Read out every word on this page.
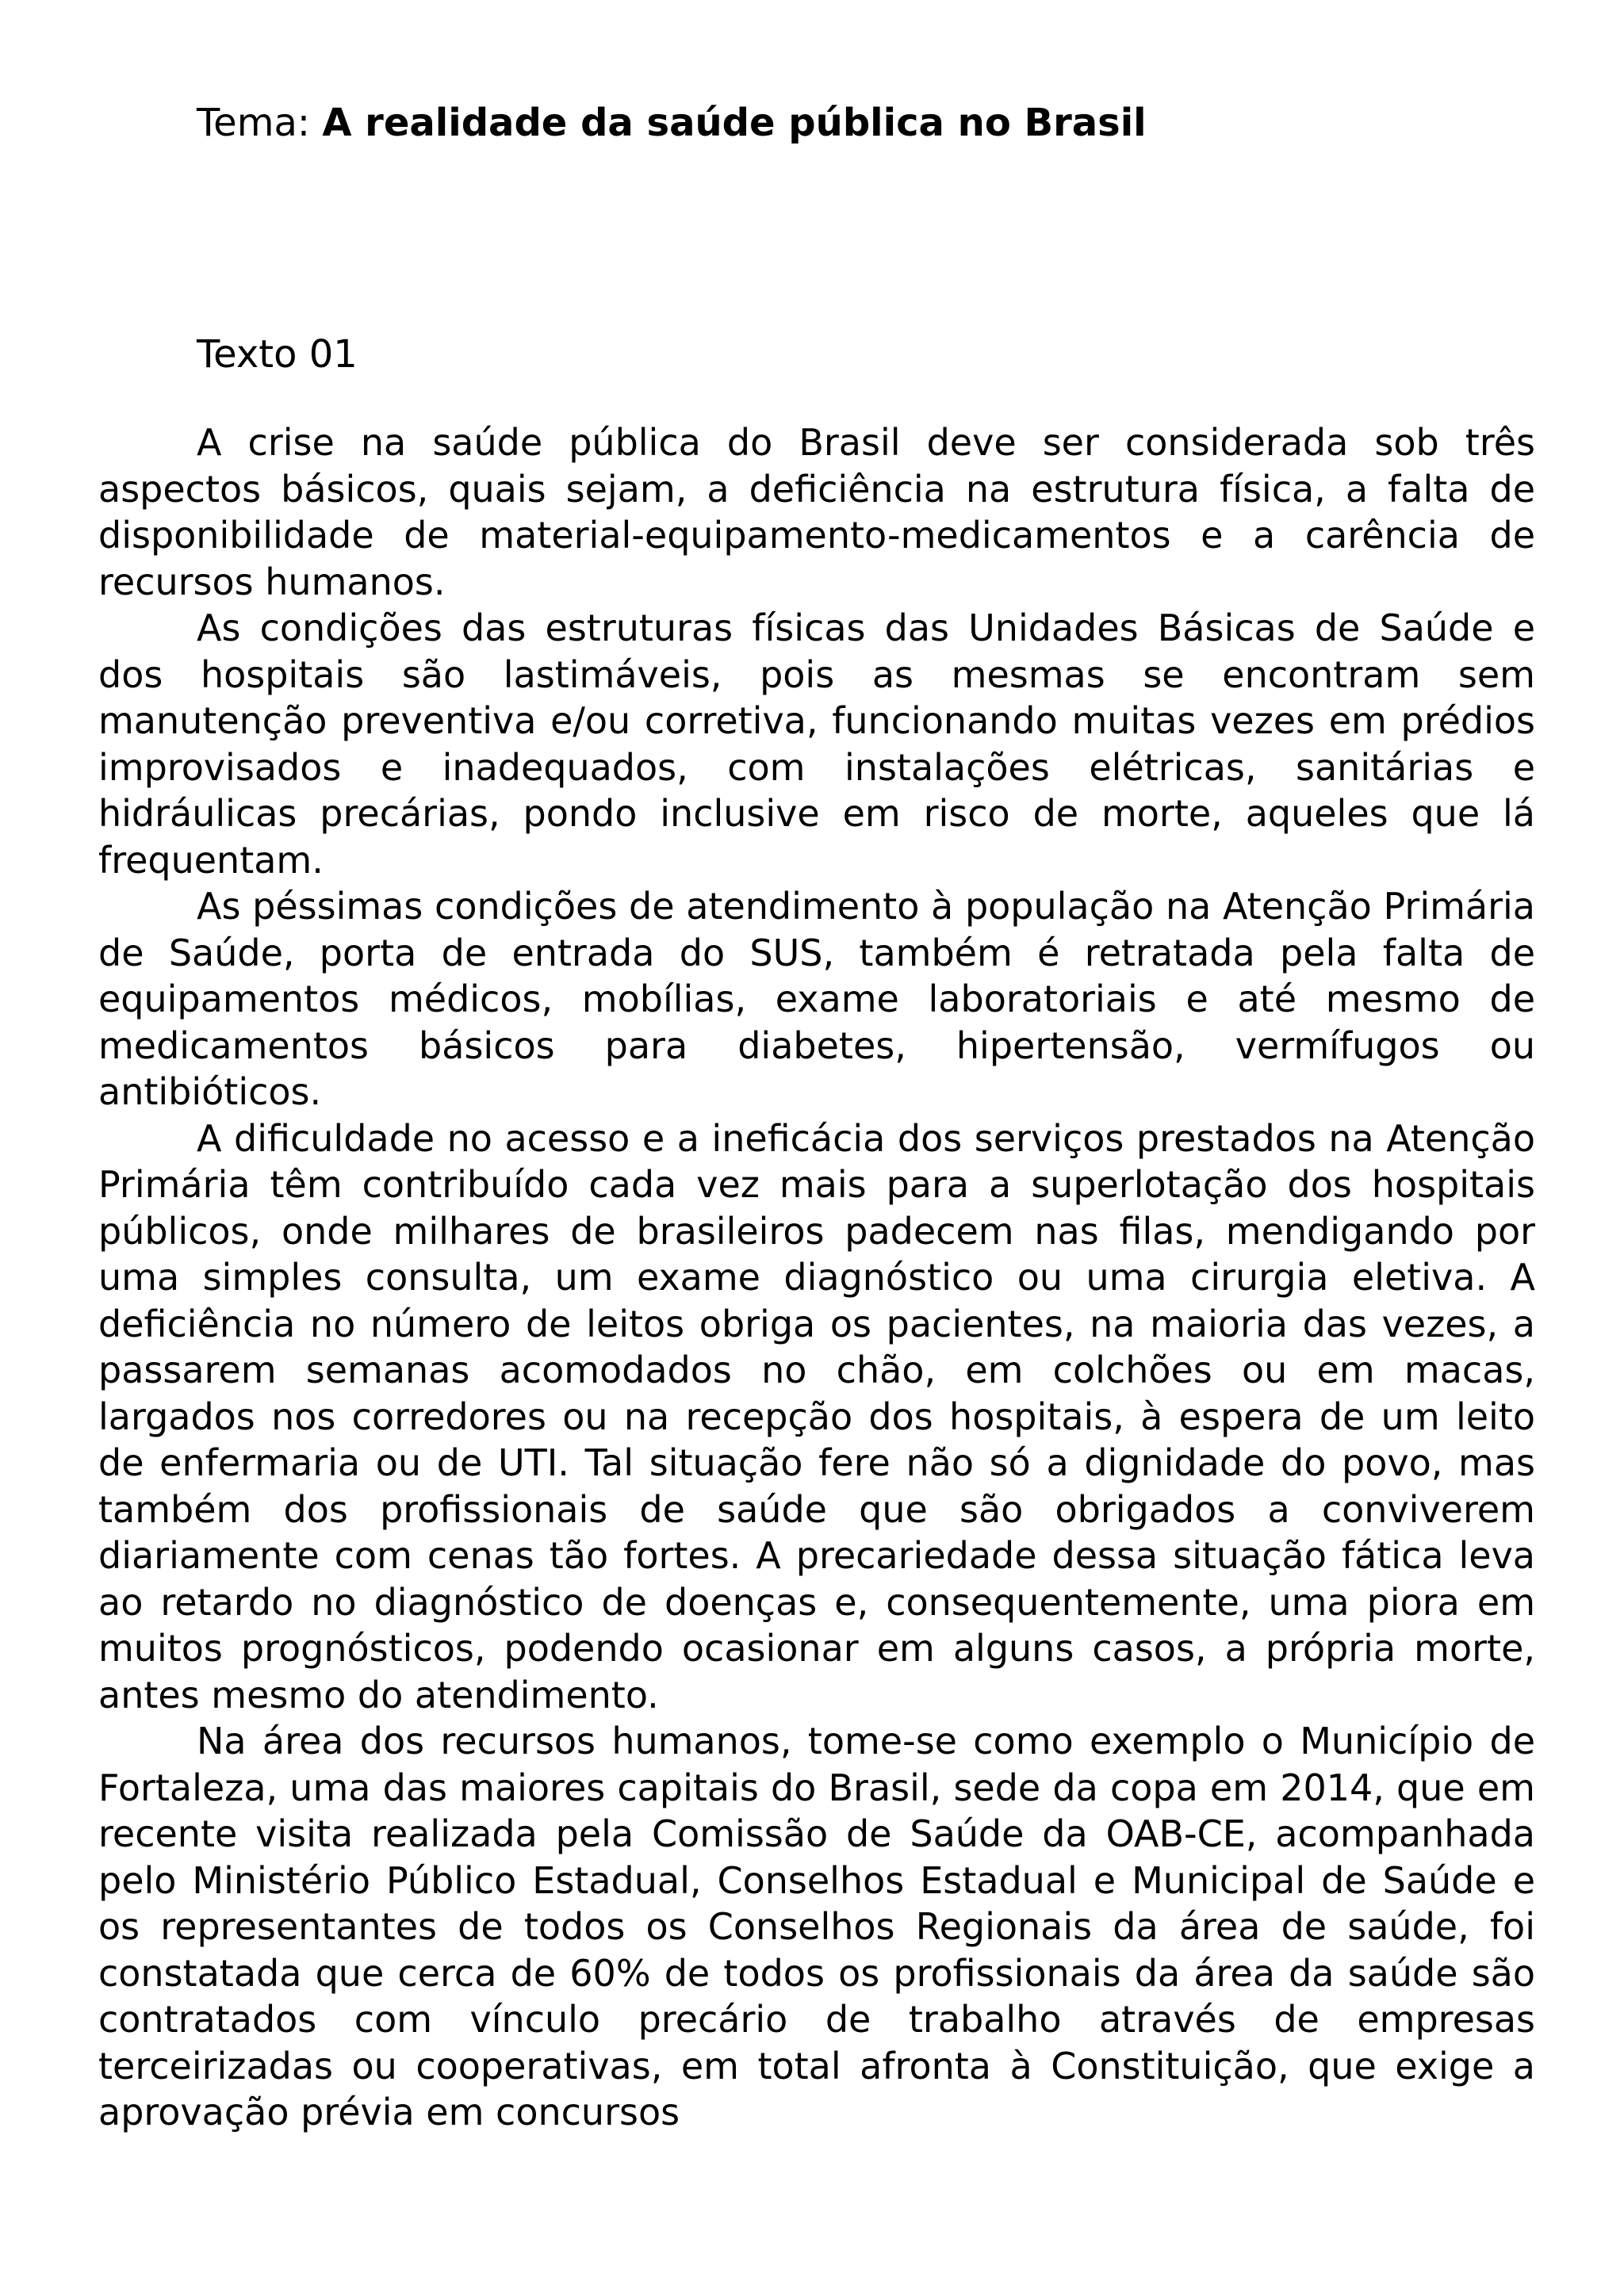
Tema: A realidade da saúde pública no Brasil
Texto 01

A crise na saúde pública do Brasil deve ser considerada sob três aspectos básicos, quais sejam, a deficiência na estrutura física, a falta de disponibilidade de material-equipamento-medicamentos e a carência de recursos humanos.

As condições das estruturas físicas das Unidades Básicas de Saúde e dos hospitais são lastimáveis, pois as mesmas se encontram sem manutenção preventiva e/ou corretiva, funcionando muitas vezes em prédios improvisados e inadequados, com instalações elétricas, sanitárias e hidráulicas precárias, pondo inclusive em risco de morte, aqueles que lá frequentam.

As péssimas condições de atendimento à população na Atenção Primária de Saúde, porta de entrada do SUS, também é retratada pela falta de equipamentos médicos, mobílias, exame laboratoriais e até mesmo de medicamentos básicos para diabetes, hipertensão, vermífugos ou antibióticos.

A dificuldade no acesso e a ineficácia dos serviços prestados na Atenção Primária têm contribuído cada vez mais para a superlotação dos hospitais públicos, onde milhares de brasileiros padecem nas filas, mendigando por uma simples consulta, um exame diagnóstico ou uma cirurgia eletiva. A deficiência no número de leitos obriga os pacientes, na maioria das vezes, a passarem semanas acomodados no chão, em colchões ou em macas, largados nos corredores ou na recepção dos hospitais, à espera de um leito de enfermaria ou de UTI. Tal situação fere não só a dignidade do povo, mas também dos profissionais de saúde que são obrigados a conviverem diariamente com cenas tão fortes. A precariedade dessa situação fática leva ao retardo no diagnóstico de doenças e, consequentemente, uma piora em muitos prognósticos, podendo ocasionar em alguns casos, a própria morte, antes mesmo do atendimento.

Na área dos recursos humanos, tome-se como exemplo o Município de Fortaleza, uma das maiores capitais do Brasil, sede da copa em 2014, que em recente visita realizada pela Comissão de Saúde da OAB-CE, acompanhada pelo Ministério Público Estadual, Conselhos Estadual e Municipal de Saúde e os representantes de todos os Conselhos Regionais da área de saúde, foi constatada que cerca de 60% de todos os profissionais da área da saúde são contratados com vínculo precário de trabalho através de empresas terceirizadas ou cooperativas, em total afronta à Constituição, que exige a aprovação prévia em concursos
